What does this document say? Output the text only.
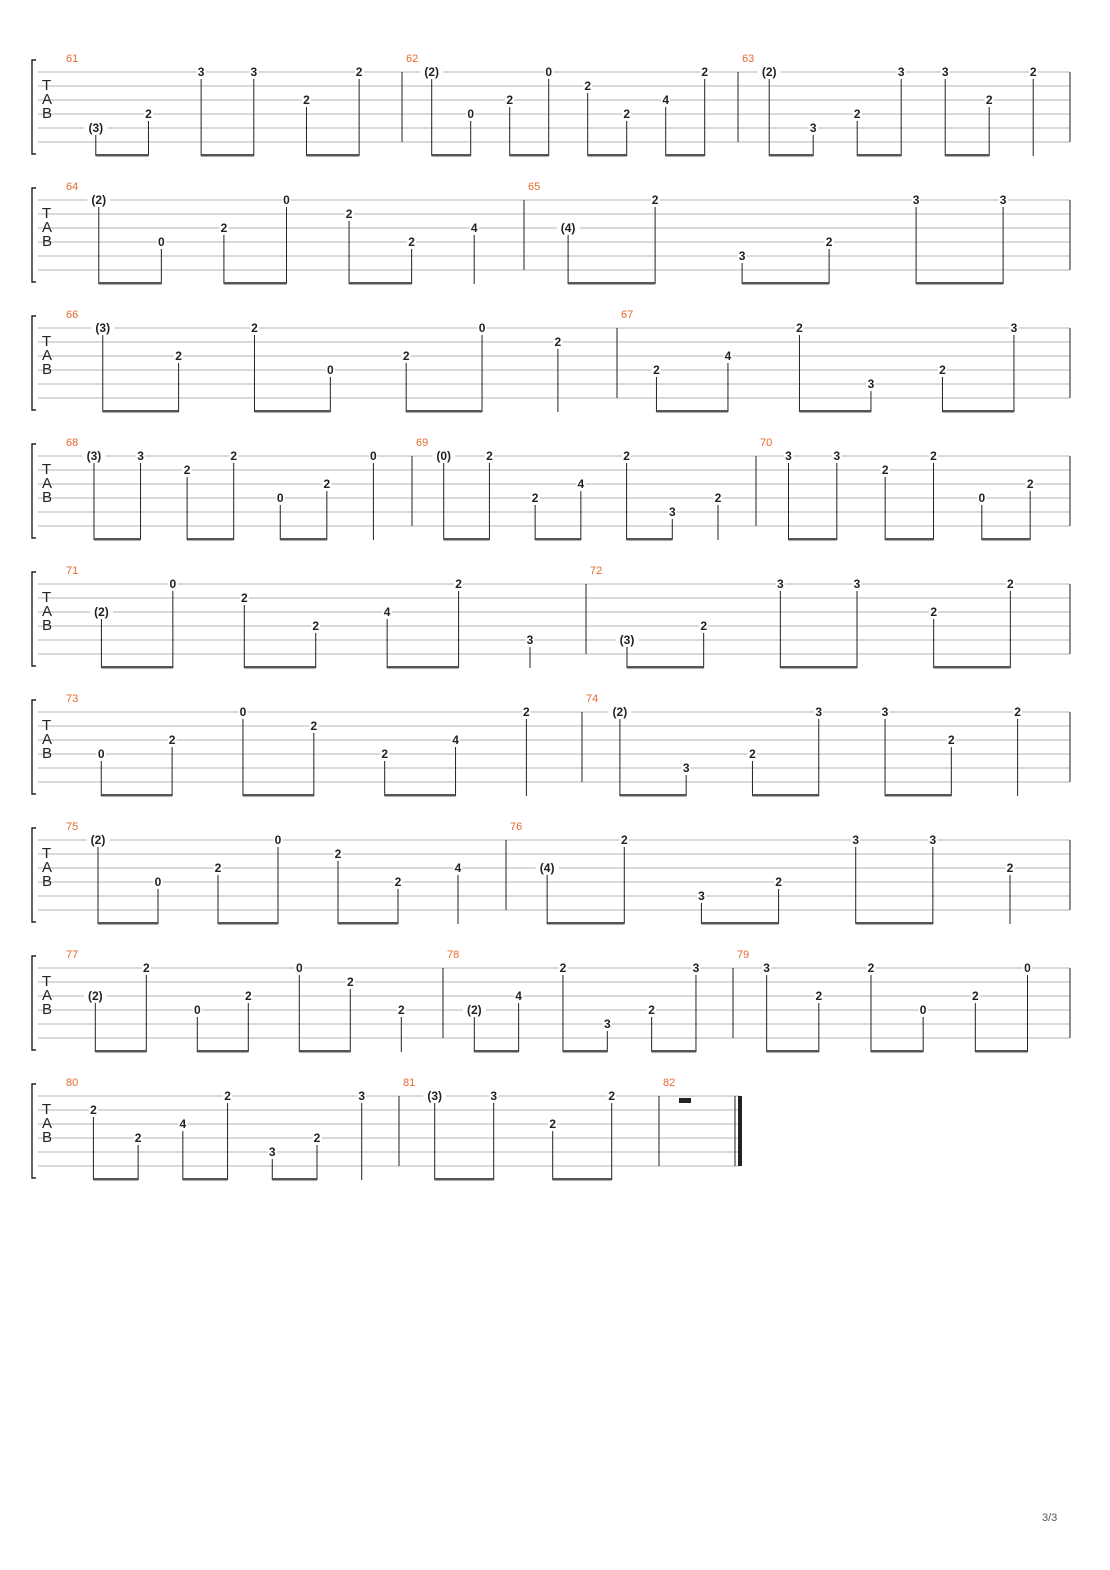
T
A
B
61
(3)
2
3	3
2
2
62
(2)
0
2
0
2
2
4
2
63
(2)
3
2
3	3
2
2
T
A
B
64
(2)
0
2
0
2
2
4
65
(4)
2
3
2
3	3
T
A
B
66
(3)
2
2
0
2
0
2
67
2
4
2
3
2
3
T
A
B
68
(3)	3
2
2
0
2
0
69
(0)	2
2
4
2
3
2
70
3	3
2
2
0
2
T
A
B
71
(2)
0
2
2
4
2
3
72
(3)
2
3	3
2
2
T
A
B
73
0
2
0
2
2
4
2
74
(2)
3
2
3	3
2
2
T
A
B
75
(2)
0
2
0
2
2
4
76
(4)
2
3
2
3	3
2
T
A
B
77
(2)
2
0
2
0
2
2
78
(2)
4
2
3
2
3
79
3
2
2
0
2
0
T
A
B
80
2
2
4
2
3
2
3
81
(3)	3
2
2
82
3/3
